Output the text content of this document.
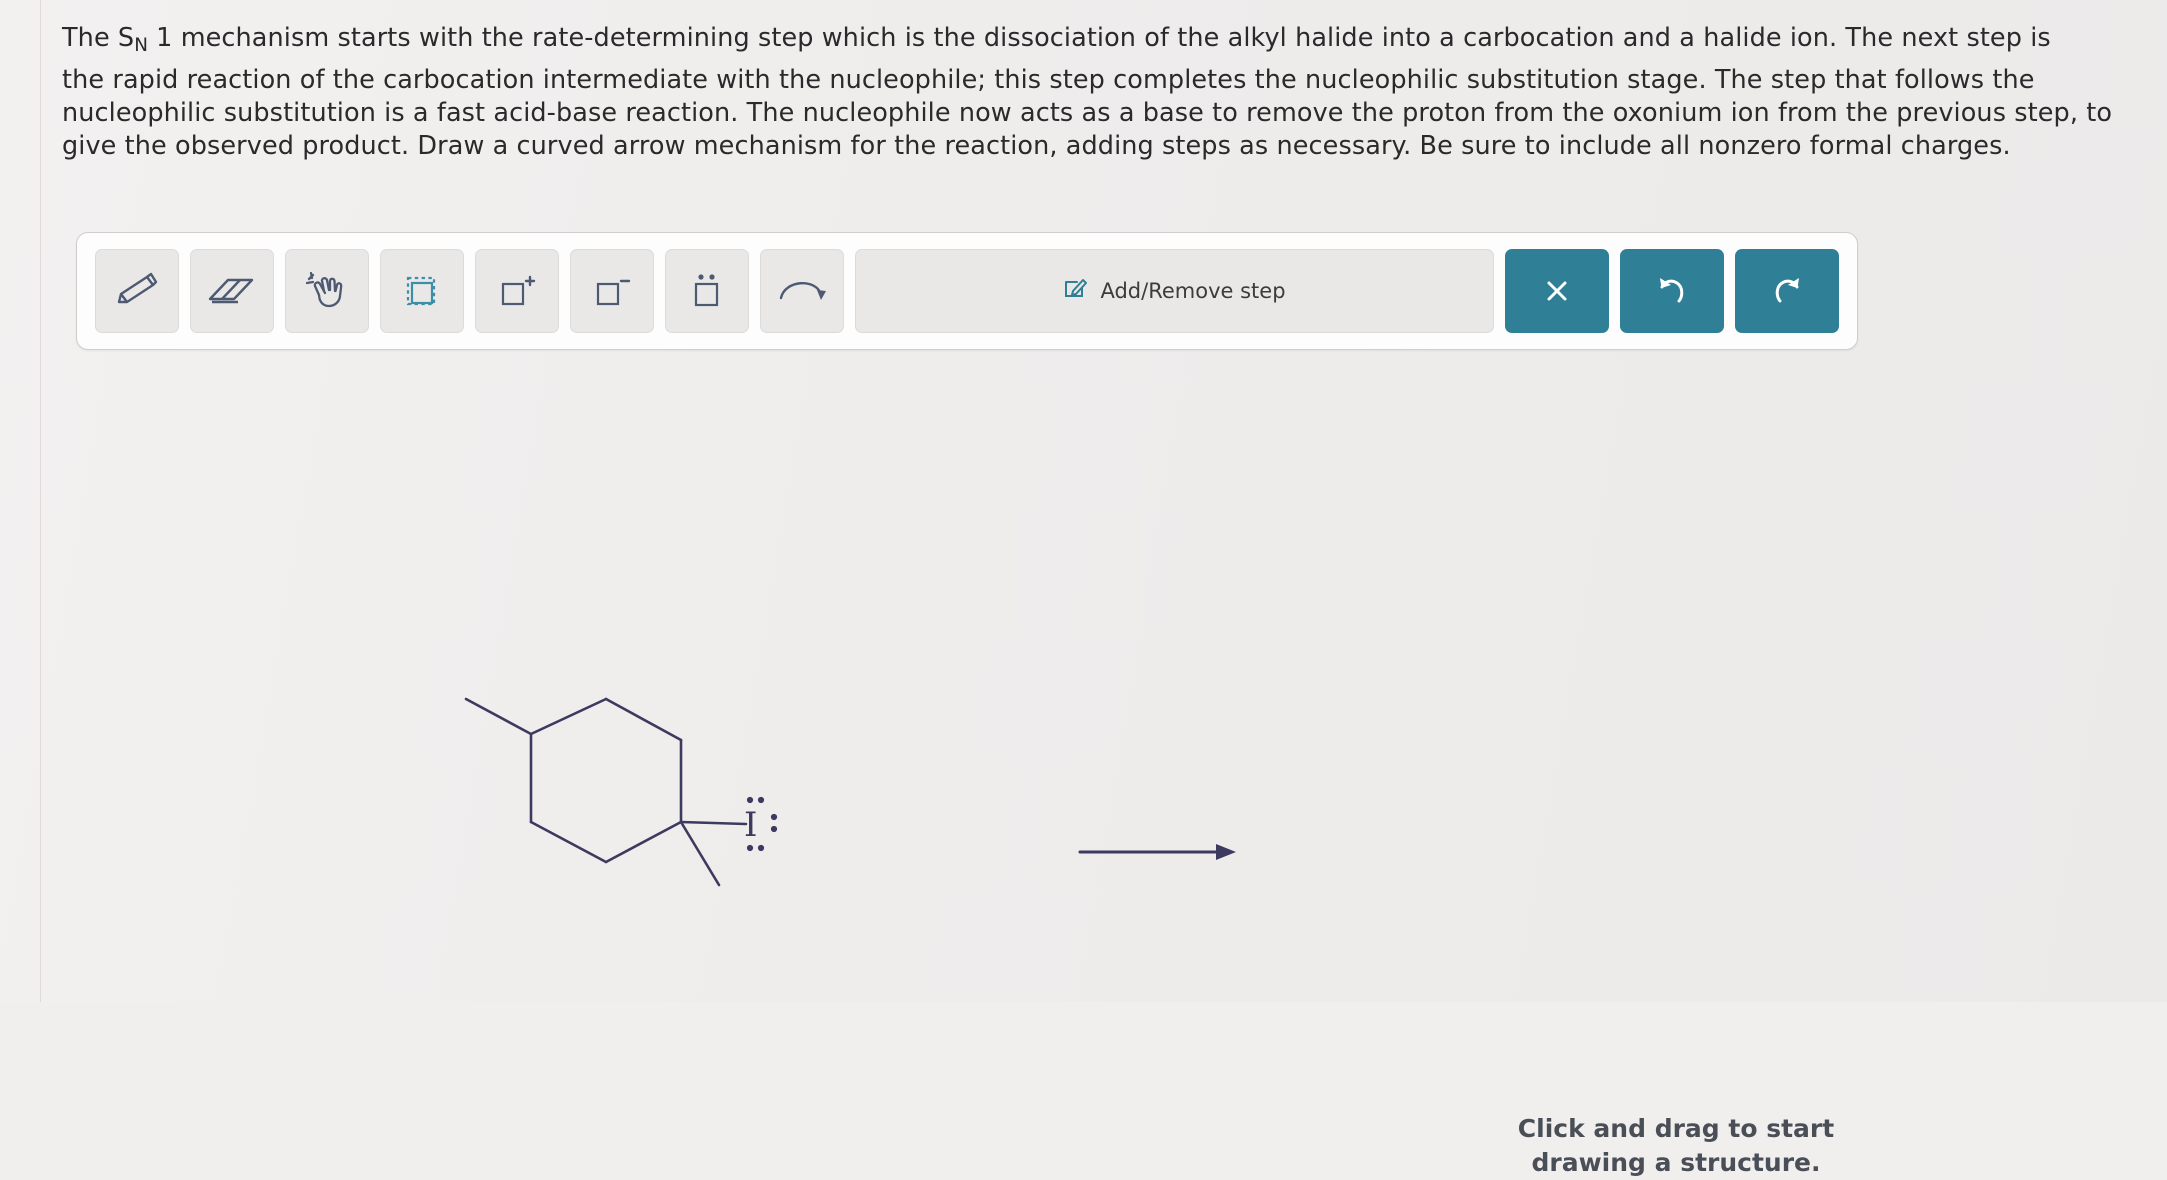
The $S_N$ 1 mechanism starts with the rate-determining step which is the dissociation of the alkyl halide into a carbocation and a halide ion. The next step is
the rapid reaction of the carbocation intermediate with the nucleophile; this step completes the nucleophilic substitution stage. The step that follows the nucleophilic substitution is a fast acid-base reaction. The nucleophile now acts as a base to remove the proton from the oxonium ion from the previous step, to give the observed product. Draw a curved arrow mechanism for the reaction, adding steps as necessary. Be sure to include all nonzero formal charges.
Add/Remove step
I
Click and drag to start
drawing a structure.
